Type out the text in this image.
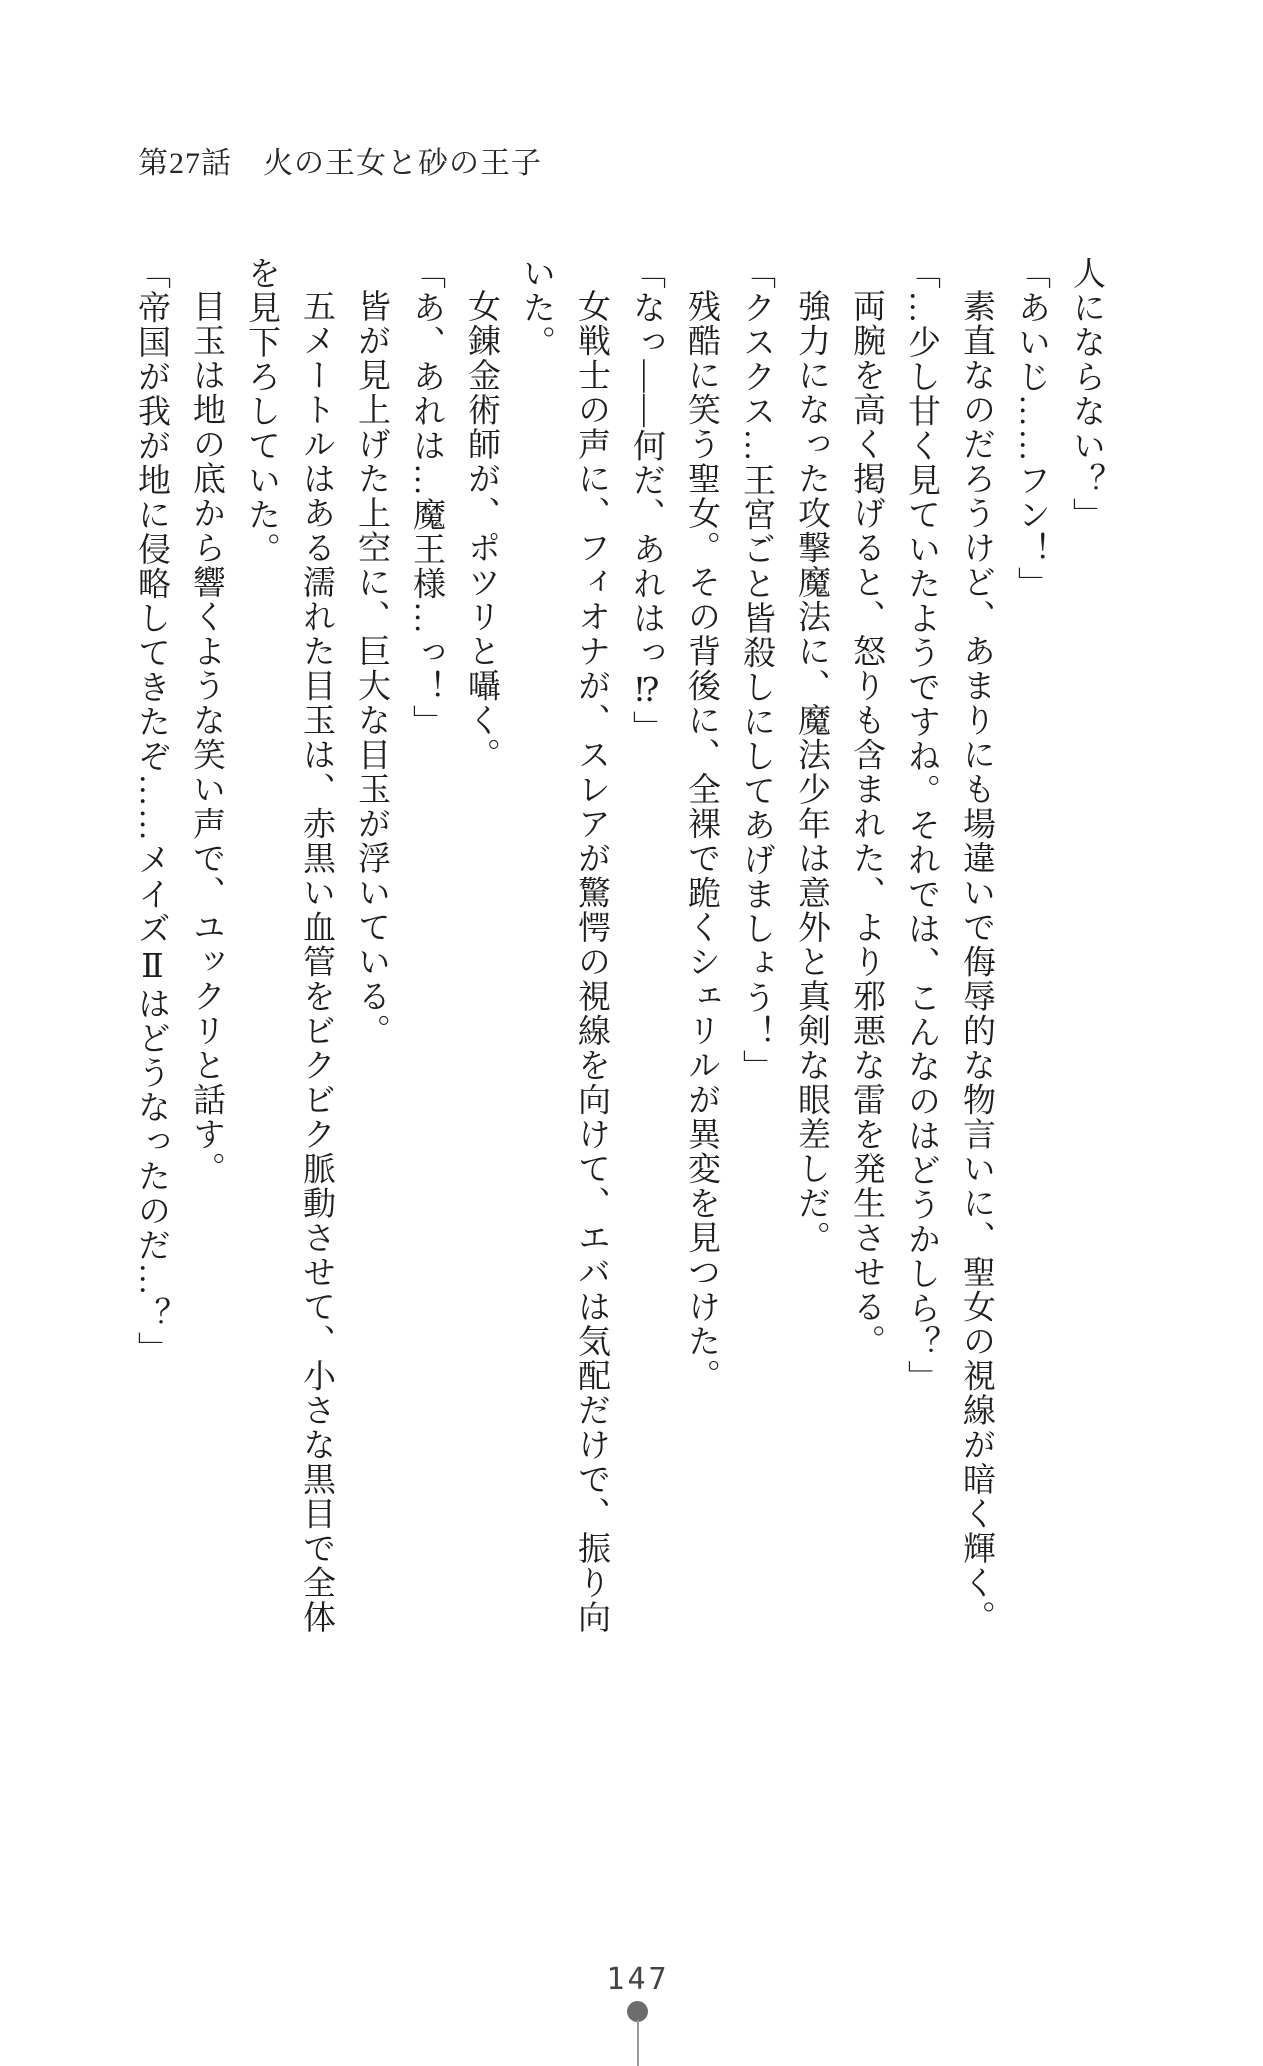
第27話　火の王女と砂の王子
人にならない？」
「あいじ……フン！」
素直なのだろうけど、あまりにも場違いで侮辱的な物言いに、聖女の視線が暗く輝く。
「…少し甘く見ていたようですね。それでは、こんなのはどうかしら？」
両腕を高く掲げると、怒りも含まれた、より邪悪な雷を発生させる。
強力になった攻撃魔法に、魔法少年は意外と真剣な眼差しだ。
「クスクス…王宮ごと皆殺しにしてあげましょう！」
残酷に笑う聖女。その背後に、全裸で跪くシェリルが異変を見つけた。
「なっ――何だ、あれはっ⁉」
女戦士の声に、フィオナが、スレアが驚愕の視線を向けて、エバは気配だけで、振り向
いた。
女錬金術師が、ポツリと囁く。
「あ、あれは…魔王様…っ！」
皆が見上げた上空に、巨大な目玉が浮いている。
五メートルはある濡れた目玉は、赤黒い血管をビクビク脈動させて、小さな黒目で全体
を見下ろしていた。
目玉は地の底から響くような笑い声で、ユックリと話す。
「帝国が我が地に侵略してきたぞ……メイズⅡはどうなったのだ…？」
147
